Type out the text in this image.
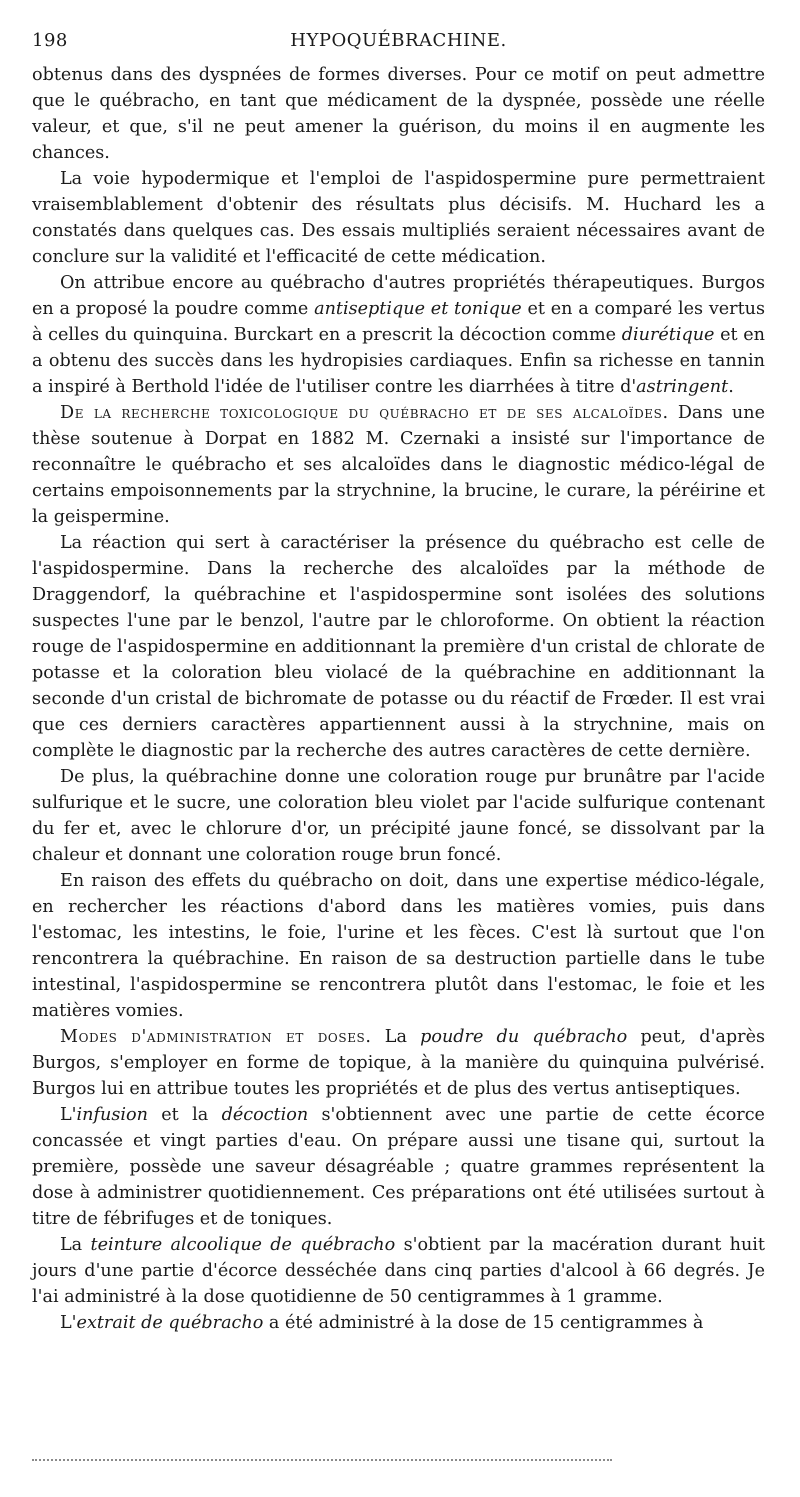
198	HYPOQUÉBRACHINE.

obtenus dans des dyspnées de formes diverses. Pour ce motif on peut admettre que le québracho, en tant que médicament de la dyspnée, possède une réelle valeur, et que, s'il ne peut amener la guérison, du moins il en augmente les chances.

La voie hypodermique et l'emploi de l'aspidospermine pure permettraient vraisemblablement d'obtenir des résultats plus décisifs. M. Huchard les a constatés dans quelques cas. Des essais multipliés seraient nécessaires avant de conclure sur la validité et l'efficacité de cette médication.

On attribue encore au québracho d'autres propriétés thérapeutiques. Burgos en a proposé la poudre comme antiseptique et tonique et en a comparé les vertus à celles du quinquina. Burckart en a prescrit la décoction comme diurétique et en a obtenu des succès dans les hydropisies cardiaques. Enfin sa richesse en tannin a inspiré à Berthold l'idée de l'utiliser contre les diarrhées à titre d'astringent.

De la recherche toxicologique du québracho et de ses alcaloïdes. Dans une thèse soutenue à Dorpat en 1882 M. Czernaki a insisté sur l'importance de reconnaître le québracho et ses alcaloïdes dans le diagnostic médico-légal de certains empoisonnements par la strychnine, la brucine, le curare, la péréirine et la geispermine.

La réaction qui sert à caractériser la présence du québracho est celle de l'aspidospermine. Dans la recherche des alcaloïdes par la méthode de Draggendorf, la québrachine et l'aspidospermine sont isolées des solutions suspectes l'une par le benzol, l'autre par le chloroforme. On obtient la réaction rouge de l'aspidospermine en additionnant la première d'un cristal de chlorate de potasse et la coloration bleu violacé de la québrachine en additionnant la seconde d'un cristal de bichromate de potasse ou du réactif de Frœder. Il est vrai que ces derniers caractères appartiennent aussi à la strychnine, mais on complète le diagnostic par la recherche des autres caractères de cette dernière.

De plus, la québrachine donne une coloration rouge pur brunâtre par l'acide sulfurique et le sucre, une coloration bleu violet par l'acide sulfurique contenant du fer et, avec le chlorure d'or, un précipité jaune foncé, se dissolvant par la chaleur et donnant une coloration rouge brun foncé.

En raison des effets du québracho on doit, dans une expertise médico-légale, en rechercher les réactions d'abord dans les matières vomies, puis dans l'estomac, les intestins, le foie, l'urine et les fèces. C'est là surtout que l'on rencontrera la québrachine. En raison de sa destruction partielle dans le tube intestinal, l'aspidospermine se rencontrera plutôt dans l'estomac, le foie et les matières vomies.

Modes d'administration et doses. La poudre du québracho peut, d'après Burgos, s'employer en forme de topique, à la manière du quinquina pulvérisé. Burgos lui en attribue toutes les propriétés et de plus des vertus antiseptiques.

L'infusion et la décoction s'obtiennent avec une partie de cette écorce concassée et vingt parties d'eau. On prépare aussi une tisane qui, surtout la première, possède une saveur désagréable ; quatre grammes représentent la dose à administrer quotidiennement. Ces préparations ont été utilisées surtout à titre de fébrifuges et de toniques.

La teinture alcoolique de québracho s'obtient par la macération durant huit jours d'une partie d'écorce desséchée dans cinq parties d'alcool à 66 degrés. Je l'ai administré à la dose quotidienne de 50 centigrammes à 1 gramme.

L'extrait de québracho a été administré à la dose de 15 centigrammes à
